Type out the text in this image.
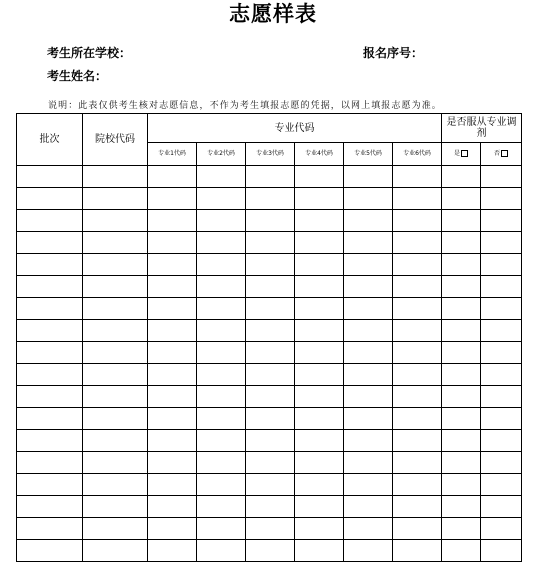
志愿样表
考生所在学校：	报名序号：
考生姓名：
说明：此表仅供考生核对志愿信息，不作为考生填报志愿的凭据，以网上填报志愿为准。
批次	院校代码	专业代码						是否服从专业调剂	
		专业1代码	专业2代码	专业3代码	专业4代码	专业5代码	专业6代码	是	否
